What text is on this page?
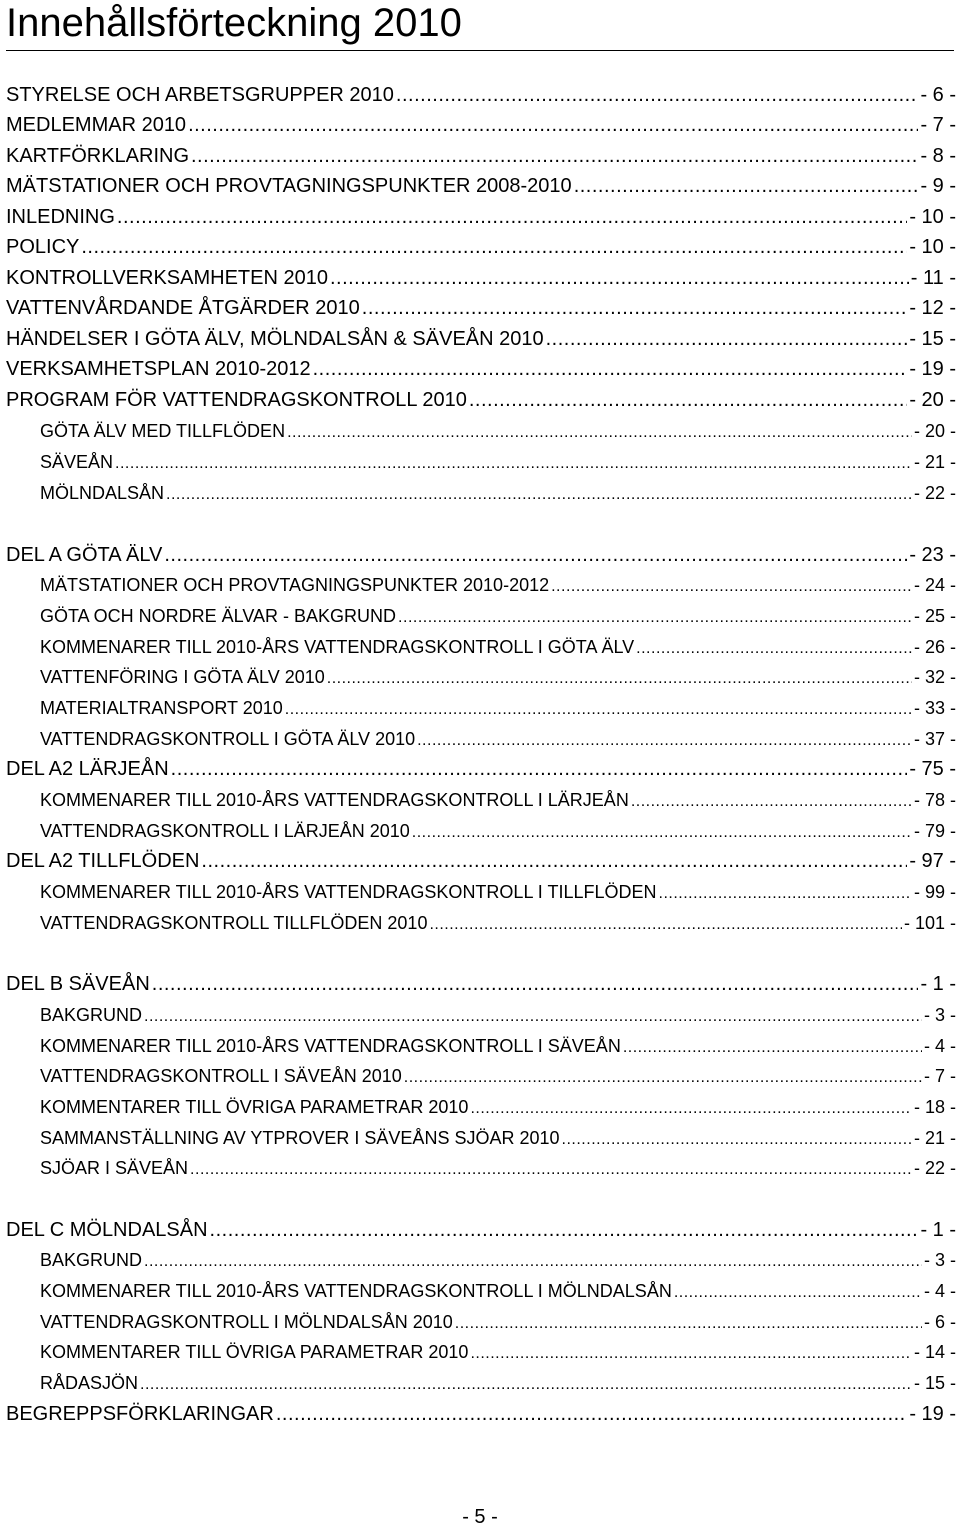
Innehållsförteckning 2010
STYRELSE OCH ARBETSGRUPPER 2010 .....	- 6 -
MEDLEMMAR 2010 .....	- 7 -
KARTFÖRKLARING .....	- 8 -
MÄTSTATIONER OCH PROVTAGNINGSPUNKTER 2008-2010 .....	- 9 -
INLEDNING .....	- 10 -
POLICY .....	- 10 -
KONTROLLVERKSAMHETEN 2010 .....	- 11 -
VATTENVÅRDANDE ÅTGÄRDER 2010 .....	- 12 -
HÄNDELSER I GÖTA ÄLV, MÖLNDALSÅN & SÄVEÅN 2010 .....	- 15 -
VERKSAMHETSPLAN 2010-2012 .....	- 19 -
PROGRAM FÖR VATTENDRAGSKONTROLL 2010 .....	- 20 -
GÖTA ÄLV MED TILLFLÖDEN .....	- 20 -
SÄVEÅN .....	- 21 -
MÖLNDALSÅN .....	- 22 -
DEL A GÖTA ÄLV .....	- 23 -
MÄTSTATIONER OCH PROVTAGNINGSPUNKTER 2010-2012 .....	- 24 -
GÖTA OCH NORDRE ÄLVAR - BAKGRUND .....	- 25 -
KOMMENARER TILL 2010-ÅRS VATTENDRAGSKONTROLL I GÖTA ÄLV .....	- 26 -
VATTENFÖRING I GÖTA ÄLV 2010 .....	- 32 -
MATERIALTRANSPORT 2010 .....	- 33 -
VATTENDRAGSKONTROLL I GÖTA ÄLV 2010 .....	- 37 -
DEL A2 LÄRJEÅN .....	- 75 -
KOMMENARER TILL 2010-ÅRS VATTENDRAGSKONTROLL I LÄRJEÅN .....	- 78 -
VATTENDRAGSKONTROLL I LÄRJEÅN 2010 .....	- 79 -
DEL A2 TILLFLÖDEN .....	- 97 -
KOMMENARER TILL 2010-ÅRS VATTENDRAGSKONTROLL I TILLFLÖDEN .....	- 99 -
VATTENDRAGSKONTROLL TILLFLÖDEN 2010 .....	- 101 -
DEL B SÄVEÅN .....	- 1 -
BAKGRUND .....	- 3 -
KOMMENARER TILL 2010-ÅRS VATTENDRAGSKONTROLL I SÄVEÅN .....	- 4 -
VATTENDRAGSKONTROLL I SÄVEÅN 2010 .....	- 7 -
KOMMENTARER TILL ÖVRIGA PARAMETRAR 2010 .....	- 18 -
SAMMANSTÄLLNING AV YTPROVER I SÄVEÅNS SJÖAR 2010 .....	- 21 -
SJÖAR I SÄVEÅN .....	- 22 -
DEL C MÖLNDALSÅN .....	- 1 -
BAKGRUND .....	- 3 -
KOMMENARER TILL 2010-ÅRS VATTENDRAGSKONTROLL I MÖLNDALSÅN .....	- 4 -
VATTENDRAGSKONTROLL I MÖLNDALSÅN 2010 .....	- 6 -
KOMMENTARER TILL ÖVRIGA PARAMETRAR 2010 .....	- 14 -
RÅDASJÖN .....	- 15 -
BEGREPPSFÖRKLARINGAR .....	- 19 -
- 5 -
